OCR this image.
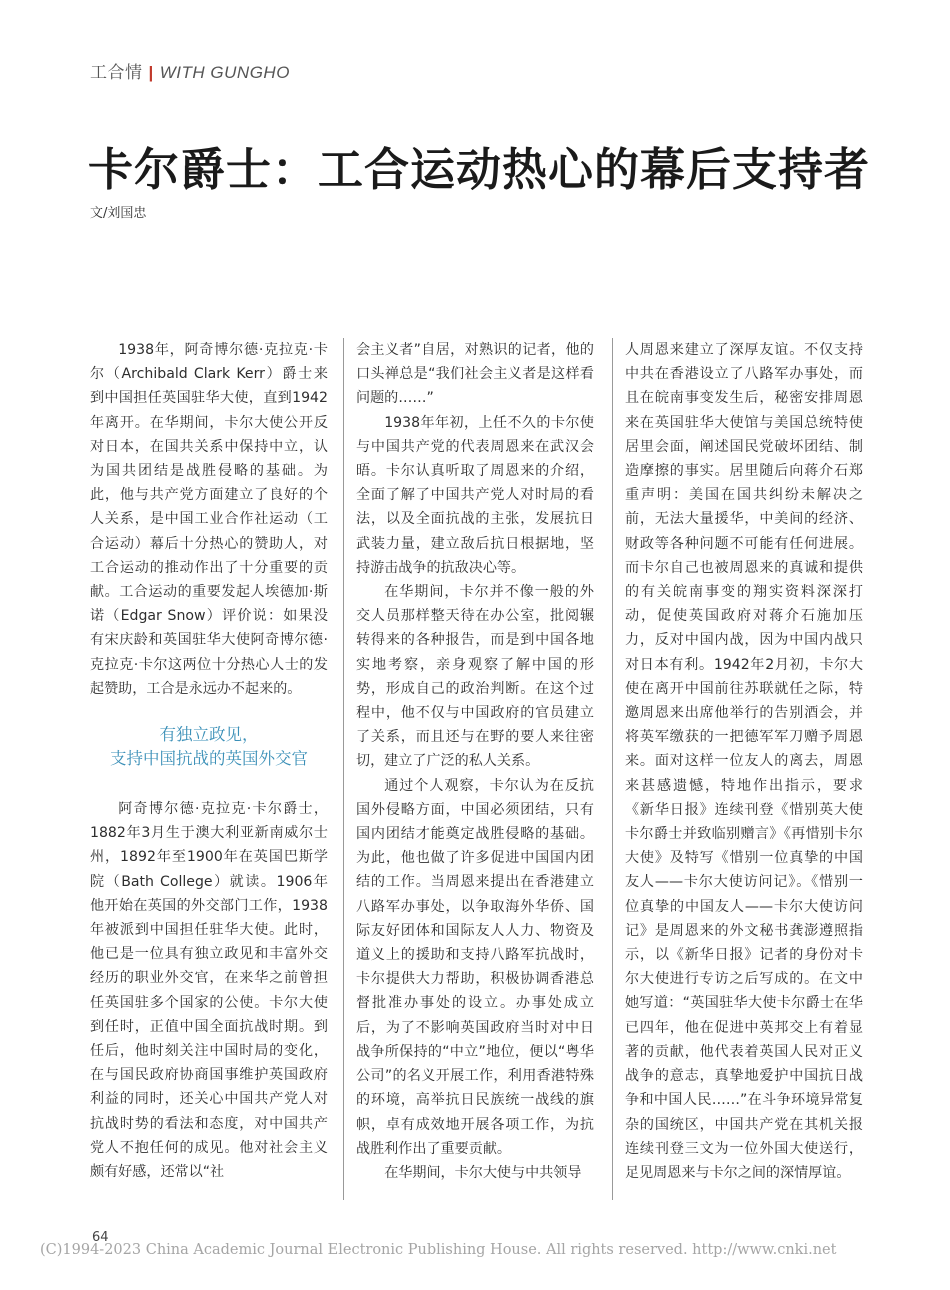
工合情 | WITH GUNGHO
卡尔爵士：工合运动热心的幕后支持者
文/刘国忠

1938年，阿奇博尔德·克拉克·卡尔（Archibald Clark Kerr）爵士来到中国担任英国驻华大使，直到1942年离开。在华期间，卡尔大使公开反对日本，在国共关系中保持中立，认为国共团结是战胜侵略的基础。为此，他与共产党方面建立了良好的个人关系，是中国工业合作社运动（工合运动）幕后十分热心的赞助人，对工合运动的推动作出了十分重要的贡献。工合运动的重要发起人埃德加·斯诺（Edgar Snow）评价说：如果没有宋庆龄和英国驻华大使阿奇博尔德·克拉克·卡尔这两位十分热心人士的发起赞助，工合是永远办不起来的。

有独立政见，
支持中国抗战的英国外交官

阿奇博尔德·克拉克·卡尔爵士，1882年3月生于澳大利亚新南威尔士州，1892年至1900年在英国巴斯学院（Bath College）就读。1906年他开始在英国的外交部门工作，1938年被派到中国担任驻华大使。此时，他已是一位具有独立政见和丰富外交经历的职业外交官，在来华之前曾担任英国驻多个国家的公使。卡尔大使到任时，正值中国全面抗战时期。到任后，他时刻关注中国时局的变化，在与国民政府协商国事维护英国政府利益的同时，还关心中国共产党人对抗战时势的看法和态度，对中国共产党人不抱任何的成见。他对社会主义颇有好感，还常以“社

会主义者”自居，对熟识的记者，他的口头禅总是“我们社会主义者是这样看问题的……”

1938年年初，上任不久的卡尔使与中国共产党的代表周恩来在武汉会晤。卡尔认真听取了周恩来的介绍，全面了解了中国共产党人对时局的看法，以及全面抗战的主张，发展抗日武装力量，建立敌后抗日根据地，坚持游击战争的抗敌决心等。

在华期间，卡尔并不像一般的外交人员那样整天待在办公室，批阅辗转得来的各种报告，而是到中国各地实地考察，亲身观察了解中国的形势，形成自己的政治判断。在这个过程中，他不仅与中国政府的官员建立了关系，而且还与在野的要人来往密切，建立了广泛的私人关系。

通过个人观察，卡尔认为在反抗国外侵略方面，中国必须团结，只有国内团结才能奠定战胜侵略的基础。为此，他也做了许多促进中国国内团结的工作。当周恩来提出在香港建立八路军办事处，以争取海外华侨、国际友好团体和国际友人人力、物资及道义上的援助和支持八路军抗战时，卡尔提供大力帮助，积极协调香港总督批准办事处的设立。办事处成立后，为了不影响英国政府当时对中日战争所保持的“中立”地位，便以“粤华公司”的名义开展工作，利用香港特殊的环境，高举抗日民族统一战线的旗帜，卓有成效地开展各项工作，为抗战胜利作出了重要贡献。

在华期间，卡尔大使与中共领导

人周恩来建立了深厚友谊。不仅支持中共在香港设立了八路军办事处，而且在皖南事变发生后，秘密安排周恩来在英国驻华大使馆与美国总统特使居里会面，阐述国民党破坏团结、制造摩擦的事实。居里随后向蒋介石郑重声明：美国在国共纠纷未解决之前，无法大量援华，中美间的经济、财政等各种问题不可能有任何进展。而卡尔自己也被周恩来的真诚和提供的有关皖南事变的翔实资料深深打动，促使英国政府对蒋介石施加压力，反对中国内战，因为中国内战只对日本有利。1942年2月初，卡尔大使在离开中国前往苏联就任之际，特邀周恩来出席他举行的告别酒会，并将英军缴获的一把德军军刀赠予周恩来。面对这样一位友人的离去，周恩来甚感遗憾，特地作出指示，要求《新华日报》连续刊登《惜别英大使卡尔爵士并致临别赠言》《再惜别卡尔大使》及特写《惜别一位真挚的中国友人——卡尔大使访问记》。《惜别一位真挚的中国友人——卡尔大使访问记》是周恩来的外文秘书龚澎遵照指示，以《新华日报》记者的身份对卡尔大使进行专访之后写成的。在文中她写道：“英国驻华大使卡尔爵士在华已四年，他在促进中英邦交上有着显著的贡献，他代表着英国人民对正义战争的意志，真挚地爱护中国抗日战争和中国人民……”在斗争环境异常复杂的国统区，中国共产党在其机关报连续刊登三文为一位外国大使送行，足见周恩来与卡尔之间的深情厚谊。

64
(C)1994-2023 China Academic Journal Electronic Publishing House. All rights reserved. http://www.cnki.net
